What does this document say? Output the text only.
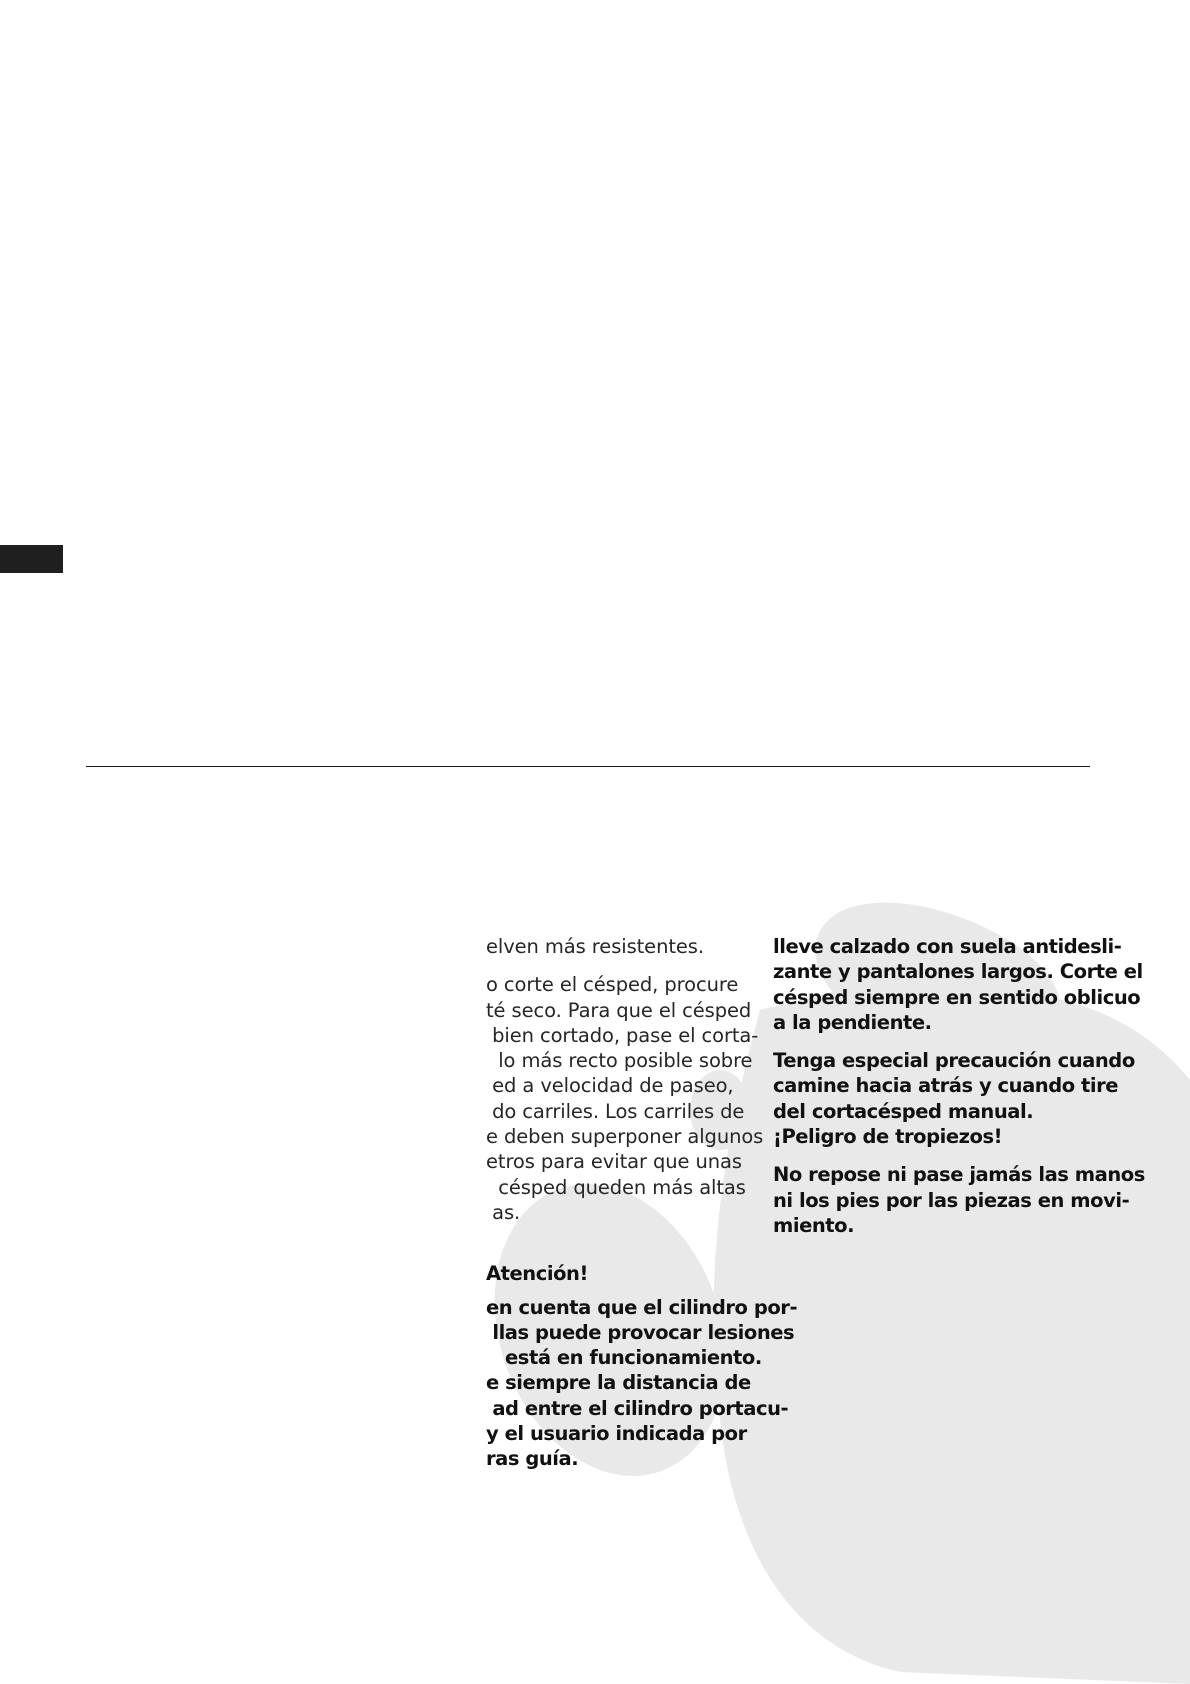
elven más resistentes.

o corte el césped, procure

té seco. Para que el césped

bien cortado, pase el corta-

lo más recto posible sobre

ed a velocidad de paseo,

do carriles. Los carriles de

e deben superponer algunos

etros para evitar que unas

césped queden más altas

as.

Atención!

en cuenta que el cilindro por-

llas puede provocar lesiones

está en funcionamiento.

e siempre la distancia de

ad entre el cilindro portacu-

y el usuario indicada por

ras guía.

lleve calzado con suela antidesli-

zante y pantalones largos. Corte el

césped siempre en sentido oblicuo

a la pendiente.

Tenga especial precaución cuando

camine hacia atrás y cuando tire

del cortacésped manual.

¡Peligro de tropiezos!

No repose ni pase jamás las manos

ni los pies por las piezas en movi-

miento.
